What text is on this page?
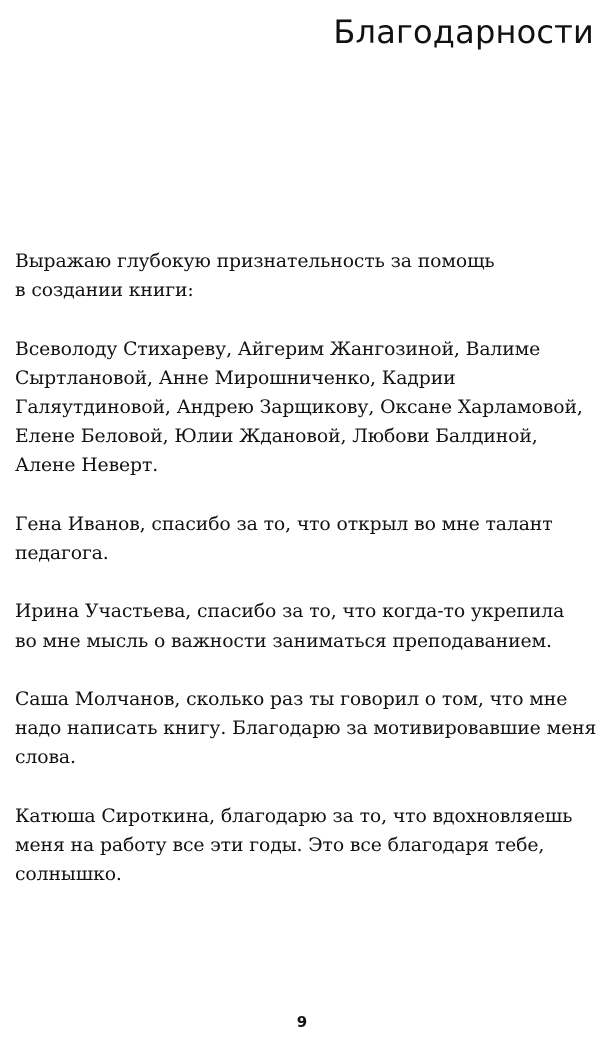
Благодарности

Выражаю глубокую признательность за помощь
в создании книги:

Всеволоду Стихареву, Айгерим Жангозиной, Валиме
Сыртлановой, Анне Мирошниченко, Кадрии
Галяутдиновой, Андрею Зарщикову, Оксане Харламовой,
Елене Беловой, Юлии Ждановой, Любови Балдиной,
Алене Неверт.

Гена Иванов, спасибо за то, что открыл во мне талант
педагога.

Ирина Участьева, спасибо за то, что когда-то укрепила
во мне мысль о важности заниматься преподаванием.

Саша Молчанов, сколько раз ты говорил о том, что мне
надо написать книгу. Благодарю за мотивировавшие меня
слова.

Катюша Сироткина, благодарю за то, что вдохновляешь
меня на работу все эти годы. Это все благодаря тебе,
солнышко.

9
